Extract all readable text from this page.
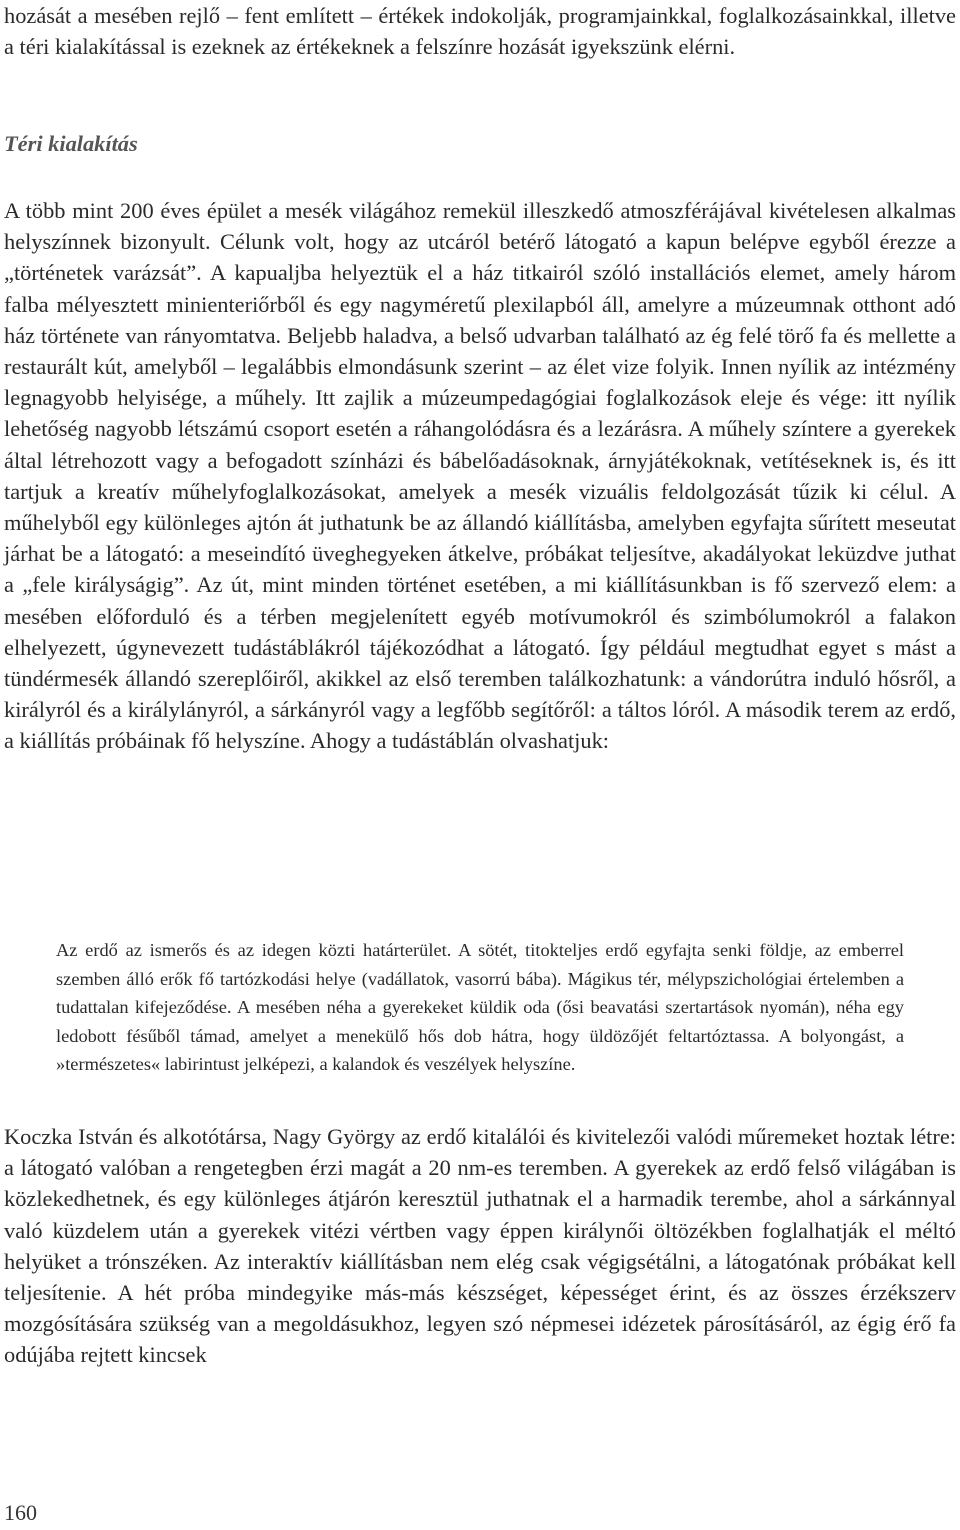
hozását a mesében rejlő – fent említett – értékek indokolják, programjainkkal, foglalkozásainkkal, illetve a téri kialakítással is ezeknek az értékeknek a felszínre hozását igyekszünk elérni.

Téri kialakítás

A több mint 200 éves épület a mesék világához remekül illeszkedő atmoszférájával kivételesen alkalmas helyszínnek bizonyult. Célunk volt, hogy az utcáról betérő látogató a kapun belépve egyből érezze a „történetek varázsát”. A kapualjba helyeztük el a ház titkairól szóló installációs elemet, amely három falba mélyesztett minienteriőrből és egy nagyméretű plexilapból áll, amelyre a múzeumnak otthont adó ház története van rányomtatva. Beljebb haladva, a belső udvarban található az ég felé törő fa és mellette a restaurált kút, amelyből – legalábbis elmondásunk szerint – az élet vize folyik. Innen nyílik az intézmény legnagyobb helyisége, a műhely. Itt zajlik a múzeumpedagógiai foglalkozások eleje és vége: itt nyílik lehetőség nagyobb létszámú csoport esetén a ráhangolódásra és a lezárásra. A műhely színtere a gyerekek által létrehozott vagy a befogadott színházi és bábelőadásoknak, árnyjátékoknak, vetítéseknek is, és itt tartjuk a kreatív műhelyfoglalkozásokat, amelyek a mesék vizuális feldolgozását tűzik ki célul. A műhelyből egy különleges ajtón át juthatunk be az állandó kiállításba, amelyben egyfajta sűrített meseutat járhat be a látogató: a meseindító üveghegyeken átkelve, próbákat teljesítve, akadályokat leküzdve juthat a „fele királyságig”. Az út, mint minden történet esetében, a mi kiállításunkban is fő szervező elem: a mesében előforduló és a térben megjelenített egyéb motívumokról és szimbólumokról a falakon elhelyezett, úgynevezett tudástáblákról tájékozódhat a látogató. Így például megtudhat egyet s mást a tündérmesék állandó szereplőiről, akikkel az első teremben találkozhatunk: a vándorútra induló hősről, a királyról és a királylányról, a sárkányról vagy a legfőbb segítőről: a táltos lóról. A második terem az erdő, a kiállítás próbáinak fő helyszíne. Ahogy a tudástáblán olvashatjuk:

Az erdő az ismerős és az idegen közti határterület. A sötét, titokteljes erdő egyfajta senki földje, az emberrel szemben álló erők fő tartózkodási helye (vadállatok, vasorrú bába). Mágikus tér, mélypszichológiai értelemben a tudattalan kifejeződése. A mesében néha a gyerekeket küldik oda (ősi beavatási szertartások nyomán), néha egy ledobott fésűből támad, amelyet a menekülő hős dob hátra, hogy üldözőjét feltartóztassa. A bolyongást, a »természetes« labirintust jelképezi, a kalandok és veszélyek helyszíne.

Koczka István és alkotótársa, Nagy György az erdő kitalálói és kivitelezői valódi műremeket hoztak létre: a látogató valóban a rengetegben érzi magát a 20 nm-es teremben. A gyerekek az erdő felső világában is közlekedhetnek, és egy különleges átjárón keresztül juthatnak el a harmadik terembe, ahol a sárkánnyal való küzdelem után a gyerekek vitézi vértben vagy éppen királynői öltözékben foglalhatják el méltó helyüket a trónszéken. Az interaktív kiállításban nem elég csak végigsétálni, a látogatónak próbákat kell teljesítenie. A hét próba mindegyike más-más készséget, képességet érint, és az összes érzékszerv mozgósítására szükség van a megoldásukhoz, legyen szó népmesei idézetek párosításáról, az égig érő fa odújába rejtett kincsek

160
